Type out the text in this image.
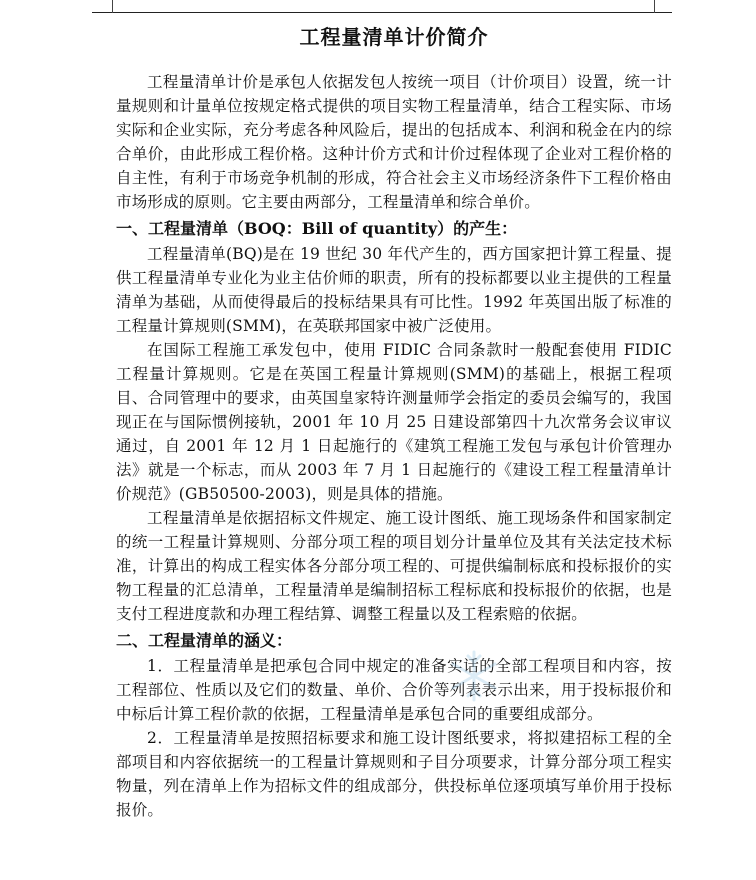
工程量清单计价简介

工程量清单计价是承包人依据发包人按统一项目（计价项目）设置，统一计量规则和计量单位按规定格式提供的项目实物工程量清单，结合工程实际、市场实际和企业实际，充分考虑各种风险后，提出的包括成本、利润和税金在内的综合单价，由此形成工程价格。这种计价方式和计价过程体现了企业对工程价格的自主性，有利于市场竞争机制的形成，符合社会主义市场经济条件下工程价格由市场形成的原则。它主要由两部分，工程量清单和综合单价。

一、工程量清单（BOQ：Bill of quantity）的产生：

工程量清单(BQ)是在 19 世纪 30 年代产生的，西方国家把计算工程量、提供工程量清单专业化为业主估价师的职责，所有的投标都要以业主提供的工程量清单为基础，从而使得最后的投标结果具有可比性。1992 年英国出版了标准的工程量计算规则(SMM)，在英联邦国家中被广泛使用。

在国际工程施工承发包中，使用 FIDIC 合同条款时一般配套使用 FIDIC 工程量计算规则。它是在英国工程量计算规则(SMM)的基础上，根据工程项目、合同管理中的要求，由英国皇家特许测量师学会指定的委员会编写的，我国现正在与国际惯例接轨，2001 年 10 月 25 日建设部第四十九次常务会议审议通过，自 2001 年 12 月 1 日起施行的《建筑工程施工发包与承包计价管理办法》就是一个标志，而从 2003 年 7 月 1 日起施行的《建设工程工程量清单计价规范》(GB50500-2003)，则是具体的措施。

工程量清单是依据招标文件规定、施工设计图纸、施工现场条件和国家制定的统一工程量计算规则、分部分项工程的项目划分计量单位及其有关法定技术标准，计算出的构成工程实体各分部分项工程的、可提供编制标底和投标报价的实物工程量的汇总清单，工程量清单是编制招标工程标底和投标报价的依据，也是支付工程进度款和办理工程结算、调整工程量以及工程索赔的依据。

二、工程量清单的涵义：

1．工程量清单是把承包合同中规定的准备实话的全部工程项目和内容，按工程部位、性质以及它们的数量、单价、合价等列表表示出来，用于投标报价和中标后计算工程价款的依据，工程量清单是承包合同的重要组成部分。

2．工程量清单是按照招标要求和施工设计图纸要求，将拟建招标工程的全部项目和内容依据统一的工程量计算规则和子目分项要求，计算分部分项工程实物量，列在清单上作为招标文件的组成部分，供投标单位逐项填写单价用于投标报价。
